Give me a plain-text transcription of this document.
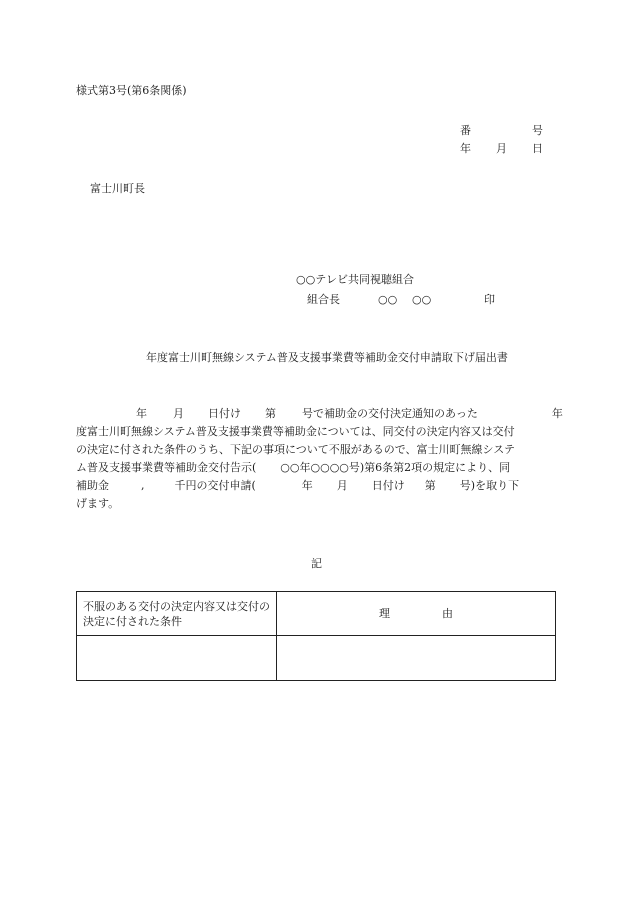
様式第3号(第6条関係)
番	号
年 月 日
富士川町長
○○テレビ共同視聴組合
組合長	○○ ○○	印
年度富士川町無線システム普及支援事業費等補助金交付申請取下げ届出書
年 月 日付け 第 号で補助金の交付決定通知のあった	年
度富士川町無線システム普及支援事業費等補助金については、同交付の決定内容又は交付
の決定に付された条件のうち、下記の事項について不服があるので、富士川町無線システ
ム普及支援事業費等補助金交付告示( ○○年○○○○号)第6条第2項の規定により、同
補助金	,	千円の交付申請(	年 月 日付け 第 号)を取り下
げます。
記
不服のある交付の決定内容又は交付の決定に付された条件	理 由
